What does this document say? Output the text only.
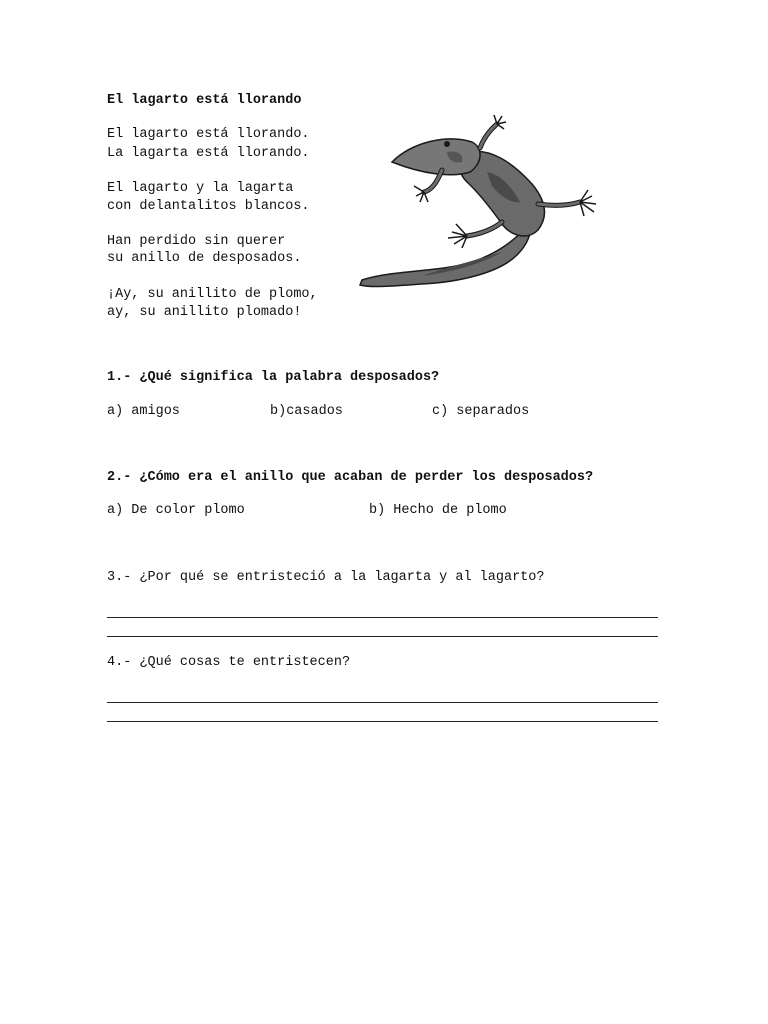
El lagarto está llorando
El lagarto está llorando.
La lagarta está llorando.
El lagarto y la lagarta
con delantalitos blancos.
Han perdido sin querer
su anillo de desposados.
¡Ay, su anillito de plomo,
ay, su anillito plomado!
1.- ¿Qué significa la palabra desposados?
a) amigos	b)casados	c) separados
2.- ¿Cómo era el anillo que acaban de perder los desposados?
a) De color plomo	b) Hecho de plomo
3.- ¿Por qué se entristeció a la lagarta y al lagarto?
4.- ¿Qué cosas te entristecen?
